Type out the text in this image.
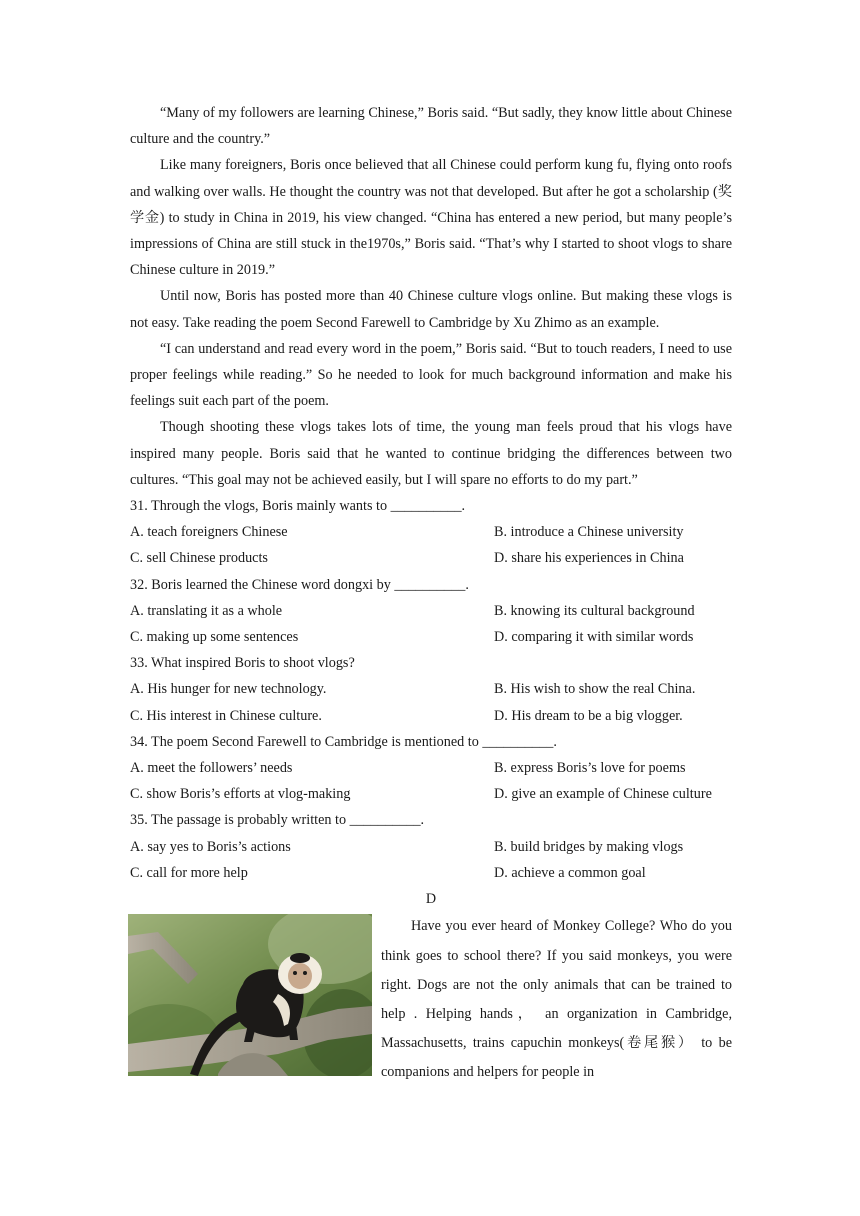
“Many of my followers are learning Chinese,” Boris said. “But sadly, they know little about Chinese culture and the country.”

Like many foreigners, Boris once believed that all Chinese could perform kung fu, flying onto roofs and walking over walls. He thought the country was not that developed. But after he got a scholarship (奖学金) to study in China in 2019, his view changed. “China has entered a new period, but many people’s impressions of China are still stuck in the1970s,” Boris said. “That’s why I started to shoot vlogs to share Chinese culture in 2019.”

Until now, Boris has posted more than 40 Chinese culture vlogs online. But making these vlogs is not easy. Take reading the poem Second Farewell to Cambridge by Xu Zhimo as an example.

“I can understand and read every word in the poem,” Boris said. “But to touch readers, I need to use proper feelings while reading.” So he needed to look for much background information and make his feelings suit each part of the poem.

Though shooting these vlogs takes lots of time, the young man feels proud that his vlogs have inspired many people. Boris said that he wanted to continue bridging the differences between two cultures. “This goal may not be achieved easily, but I will spare no efforts to do my part.”

31. Through the vlogs, Boris mainly wants to __________.

A. teach foreigners Chinese	B. introduce a Chinese university
C. sell Chinese products	D. share his experiences in China

32. Boris learned the Chinese word dongxi by __________.

A. translating it as a whole	B. knowing its cultural background
C. making up some sentences	D. comparing it with similar words

33. What inspired Boris to shoot vlogs?

A. His hunger for new technology.	B. His wish to show the real China.
C. His interest in Chinese culture.	D. His dream to be a big vlogger.

34. The poem Second Farewell to Cambridge is mentioned to __________.

A. meet the followers’ needs	B. express Boris’s love for poems
C. show Boris’s efforts at vlog-making	D. give an example of Chinese culture

35. The passage is probably written to __________.

A. say yes to Boris’s actions	B. build bridges by making vlogs
C. call for more help	D. achieve a common goal
D

Have you ever heard of Monkey College? Who do you think goes to school there? If you said monkeys, you were right. Dogs are not the only animals that can be trained to help . Helping hands， an organization in Cambridge, Massachusetts, trains capuchin monkeys(卷尾猴） to be companions and helpers for people in
